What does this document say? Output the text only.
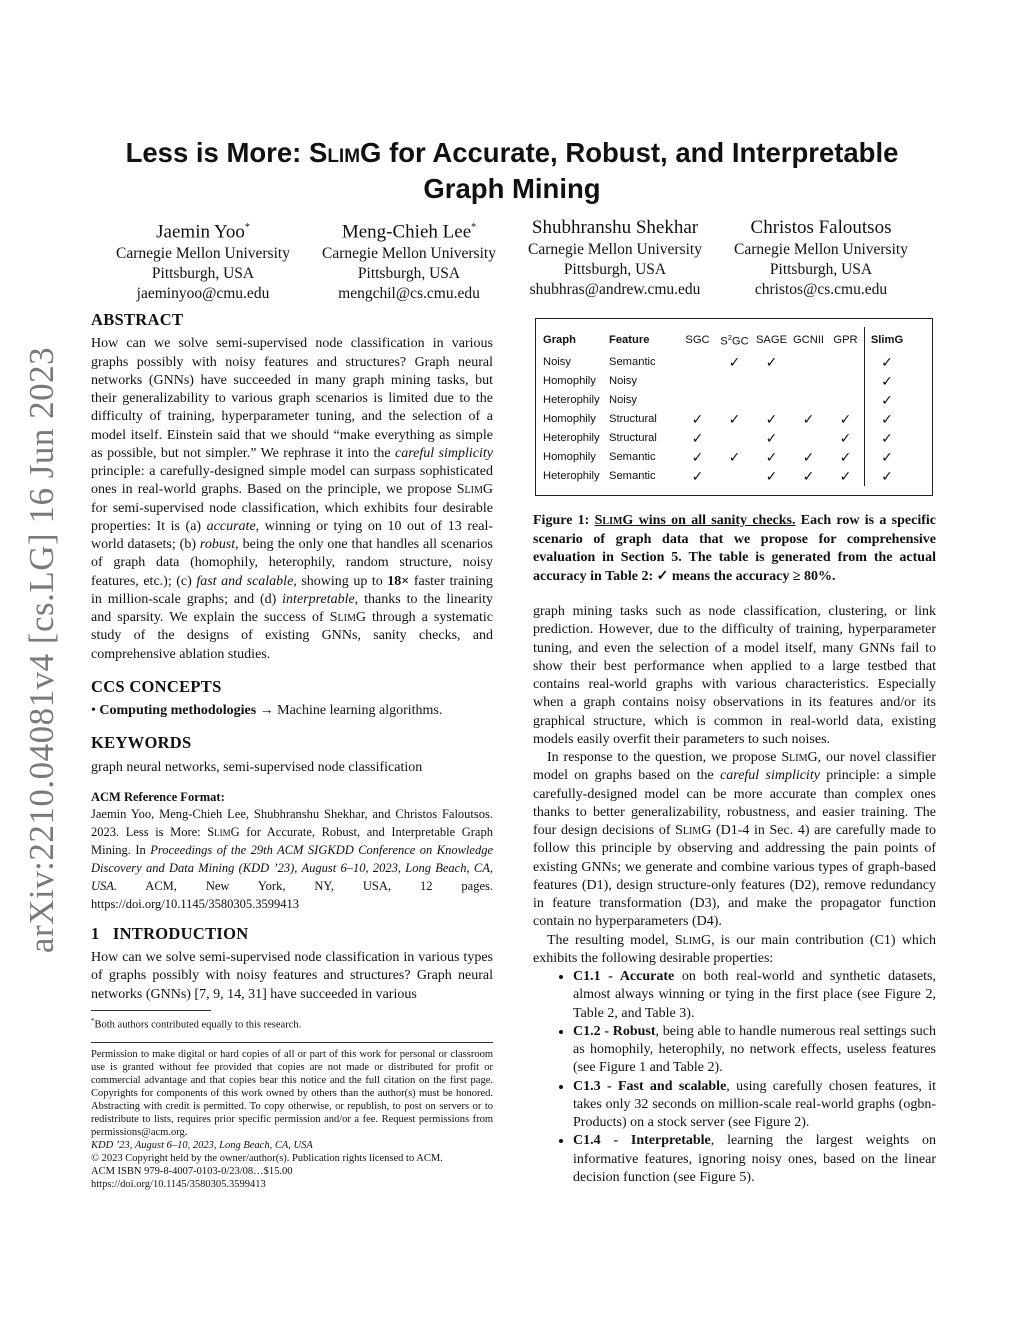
arXiv:2210.04081v4 [cs.LG] 16 Jun 2023
Less is More: SlimG for Accurate, Robust, and Interpretable
Graph Mining
Jaemin Yoo*
Carnegie Mellon University
Pittsburgh, USA
jaeminyoo@cmu.edu
Meng-Chieh Lee*
Carnegie Mellon University
Pittsburgh, USA
mengchil@cs.cmu.edu
Shubhranshu Shekhar
Carnegie Mellon University
Pittsburgh, USA
shubhras@andrew.cmu.edu
Christos Faloutsos
Carnegie Mellon University
Pittsburgh, USA
christos@cs.cmu.edu
ABSTRACT

How can we solve semi-supervised node classification in various graphs possibly with noisy features and structures? Graph neural networks (GNNs) have succeeded in many graph mining tasks, but their generalizability to various graph scenarios is limited due to the difficulty of training, hyperparameter tuning, and the selection of a model itself. Einstein said that we should “make everything as simple as possible, but not simpler.” We rephrase it into the careful simplicity principle: a carefully-designed simple model can surpass sophisticated ones in real-world graphs. Based on the principle, we propose SlimG for semi-supervised node classification, which exhibits four desirable properties: It is (a) accurate, winning or tying on 10 out of 13 real-world datasets; (b) robust, being the only one that handles all scenarios of graph data (homophily, heterophily, random structure, noisy features, etc.); (c) fast and scalable, showing up to 18× faster training in million-scale graphs; and (d) interpretable, thanks to the linearity and sparsity. We explain the success of SlimG through a systematic study of the designs of existing GNNs, sanity checks, and comprehensive ablation studies.

CCS CONCEPTS

• Computing methodologies → Machine learning algorithms.

KEYWORDS

graph neural networks, semi-supervised node classification

ACM Reference Format:

Jaemin Yoo, Meng-Chieh Lee, Shubhranshu Shekhar, and Christos Faloutsos. 2023. Less is More: SlimG for Accurate, Robust, and Interpretable Graph Mining. In Proceedings of the 29th ACM SIGKDD Conference on Knowledge Discovery and Data Mining (KDD ’23), August 6–10, 2023, Long Beach, CA, USA. ACM, New York, NY, USA, 12 pages. https://doi.org/10.1145/3580305.3599413

1 INTRODUCTION

How can we solve semi-supervised node classification in various types of graphs possibly with noisy features and structures? Graph neural networks (GNNs) [7, 9, 14, 31] have succeeded in various

*Both authors contributed equally to this research.

Permission to make digital or hard copies of all or part of this work for personal or classroom use is granted without fee provided that copies are not made or distributed for profit or commercial advantage and that copies bear this notice and the full citation on the first page. Copyrights for components of this work owned by others than the author(s) must be honored. Abstracting with credit is permitted. To copy otherwise, or republish, to post on servers or to redistribute to lists, requires prior specific permission and/or a fee. Request permissions from permissions@acm.org.

KDD ’23, August 6–10, 2023, Long Beach, CA, USA

© 2023 Copyright held by the owner/author(s). Publication rights licensed to ACM.

ACM ISBN 979-8-4007-0103-0/23/08…$15.00

https://doi.org/10.1145/3580305.3599413

Graph	Feature	SGC	$S^2GC$	SAGE	GCNII	GPR	SlimG
Noisy	Semantic		✓	✓			✓
Homophily	Noisy						✓
Heterophily	Noisy						✓
Homophily	Structural	✓	✓	✓	✓	✓	✓
Heterophily	Structural	✓		✓		✓	✓
Homophily	Semantic	✓	✓	✓	✓	✓	✓
Heterophily	Semantic	✓		✓	✓	✓	✓
Figure 1: SlimG wins on all sanity checks. Each row is a specific scenario of graph data that we propose for comprehensive evaluation in Section 5. The table is generated from the actual accuracy in Table 2: ✓ means the accuracy ≥ 80%.

graph mining tasks such as node classification, clustering, or link prediction. However, due to the difficulty of training, hyperparameter tuning, and even the selection of a model itself, many GNNs fail to show their best performance when applied to a large testbed that contains real-world graphs with various characteristics. Especially when a graph contains noisy observations in its features and/or its graphical structure, which is common in real-world data, existing models easily overfit their parameters to such noises.

In response to the question, we propose SlimG, our novel classifier model on graphs based on the careful simplicity principle: a simple carefully-designed model can be more accurate than complex ones thanks to better generalizability, robustness, and easier training. The four design decisions of SlimG (D1-4 in Sec. 4) are carefully made to follow this principle by observing and addressing the pain points of existing GNNs; we generate and combine various types of graph-based features (D1), design structure-only features (D2), remove redundancy in feature transformation (D3), and make the propagator function contain no hyperparameters (D4).

The resulting model, SlimG, is our main contribution (C1) which exhibits the following desirable properties:

• C1.1 - Accurate on both real-world and synthetic datasets, almost always winning or tying in the first place (see Figure 2, Table 2, and Table 3).
• C1.2 - Robust, being able to handle numerous real settings such as homophily, heterophily, no network effects, useless features (see Figure 1 and Table 2).
• C1.3 - Fast and scalable, using carefully chosen features, it takes only 32 seconds on million-scale real-world graphs (ogbn-Products) on a stock server (see Figure 2).
• C1.4 - Interpretable, learning the largest weights on informative features, ignoring noisy ones, based on the linear decision function (see Figure 5).
